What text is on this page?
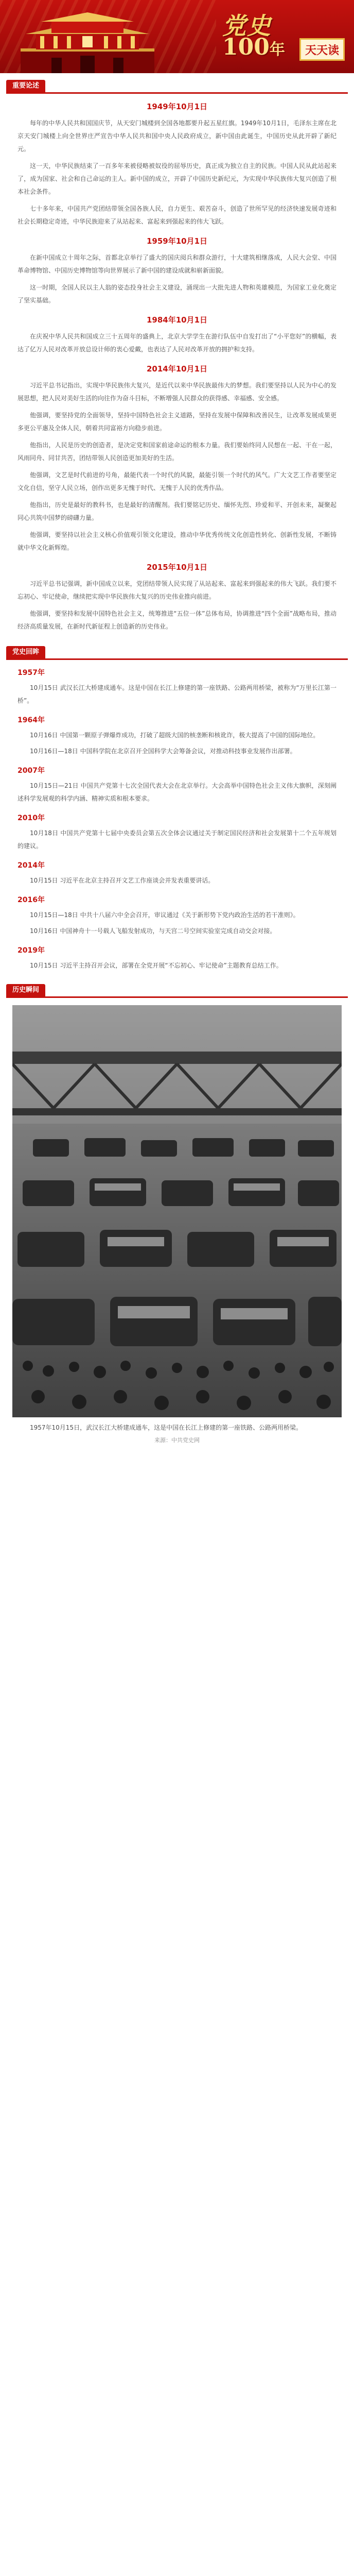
党史
100年	天天读
重要论述
1949年10月1日

每年的中华人民共和国国庆节，从天安门城楼到全国各地都要升起五星红旗。1949年10月1日，毛泽东主席在北京天安门城楼上向全世界庄严宣告中华人民共和国中央人民政府成立，新中国由此诞生，中国历史从此开辟了新纪元。

这一天，中华民族结束了一百多年来被侵略被奴役的屈辱历史，真正成为独立自主的民族。中国人民从此站起来了，成为国家、社会和自己命运的主人。新中国的成立，开辟了中国历史新纪元，为实现中华民族伟大复兴创造了根本社会条件。

七十多年来，中国共产党团结带领全国各族人民，自力更生、艰苦奋斗，创造了世所罕见的经济快速发展奇迹和社会长期稳定奇迹，中华民族迎来了从站起来、富起来到强起来的伟大飞跃。

1959年10月1日

在新中国成立十周年之际，首都北京举行了盛大的国庆阅兵和群众游行，十大建筑相继落成，人民大会堂、中国革命博物馆、中国历史博物馆等向世界展示了新中国的建设成就和崭新面貌。

这一时期，全国人民以主人翁的姿态投身社会主义建设，涌现出一大批先进人物和英雄模范，为国家工业化奠定了坚实基础。

1984年10月1日

在庆祝中华人民共和国成立三十五周年的盛典上，北京大学学生在游行队伍中自发打出了“小平您好”的横幅，表达了亿万人民对改革开放总设计师的衷心爱戴，也表达了人民对改革开放的拥护和支持。

2014年10月1日

习近平总书记指出，实现中华民族伟大复兴，是近代以来中华民族最伟大的梦想。我们要坚持以人民为中心的发展思想，把人民对美好生活的向往作为奋斗目标，不断增强人民群众的获得感、幸福感、安全感。

他强调，要坚持党的全面领导，坚持中国特色社会主义道路，坚持在发展中保障和改善民生，让改革发展成果更多更公平惠及全体人民，朝着共同富裕方向稳步前进。

他指出，人民是历史的创造者，是决定党和国家前途命运的根本力量。我们要始终同人民想在一起、干在一起，风雨同舟、同甘共苦，团结带领人民创造更加美好的生活。

他强调，文艺是时代前进的号角，最能代表一个时代的风貌，最能引领一个时代的风气。广大文艺工作者要坚定文化自信，坚守人民立场，创作出更多无愧于时代、无愧于人民的优秀作品。

他指出，历史是最好的教科书，也是最好的清醒剂。我们要铭记历史、缅怀先烈、珍爱和平、开创未来，凝聚起同心共筑中国梦的磅礴力量。

他强调，要坚持以社会主义核心价值观引领文化建设，推动中华优秀传统文化创造性转化、创新性发展，不断铸就中华文化新辉煌。

2015年10月1日

习近平总书记强调，新中国成立以来，党团结带领人民实现了从站起来、富起来到强起来的伟大飞跃。我们要不忘初心、牢记使命，继续把实现中华民族伟大复兴的历史伟业推向前进。

他强调，要坚持和发展中国特色社会主义，统筹推进“五位一体”总体布局，协调推进“四个全面”战略布局，推动经济高质量发展，在新时代新征程上创造新的历史伟业。

党史回眸
1957年

10月15日 武汉长江大桥建成通车。这是中国在长江上修建的第一座铁路、公路两用桥梁，被称为“万里长江第一桥”。

1964年

10月16日 中国第一颗原子弹爆炸成功，打破了超级大国的核垄断和核讹诈，极大提高了中国的国际地位。

10月16日—18日 中国科学院在北京召开全国科学大会筹备会议，对推动科技事业发展作出部署。

2007年

10月15日—21日 中国共产党第十七次全国代表大会在北京举行。大会高举中国特色社会主义伟大旗帜，深刻阐述科学发展观的科学内涵、精神实质和根本要求。

2010年

10月18日 中国共产党第十七届中央委员会第五次全体会议通过关于制定国民经济和社会发展第十二个五年规划的建议。

2014年

10月15日 习近平在北京主持召开文艺工作座谈会并发表重要讲话。

2016年

10月15日—18日 中共十八届六中全会召开，审议通过《关于新形势下党内政治生活的若干准则》。

10月16日 中国神舟十一号载人飞船发射成功，与天宫二号空间实验室完成自动交会对接。

2019年

10月15日 习近平主持召开会议，部署在全党开展“不忘初心、牢记使命”主题教育总结工作。

历史瞬间

1957年10月15日，武汉长江大桥建成通车，这是中国在长江上修建的第一座铁路、公路两用桥梁。

来源：中共党史网
